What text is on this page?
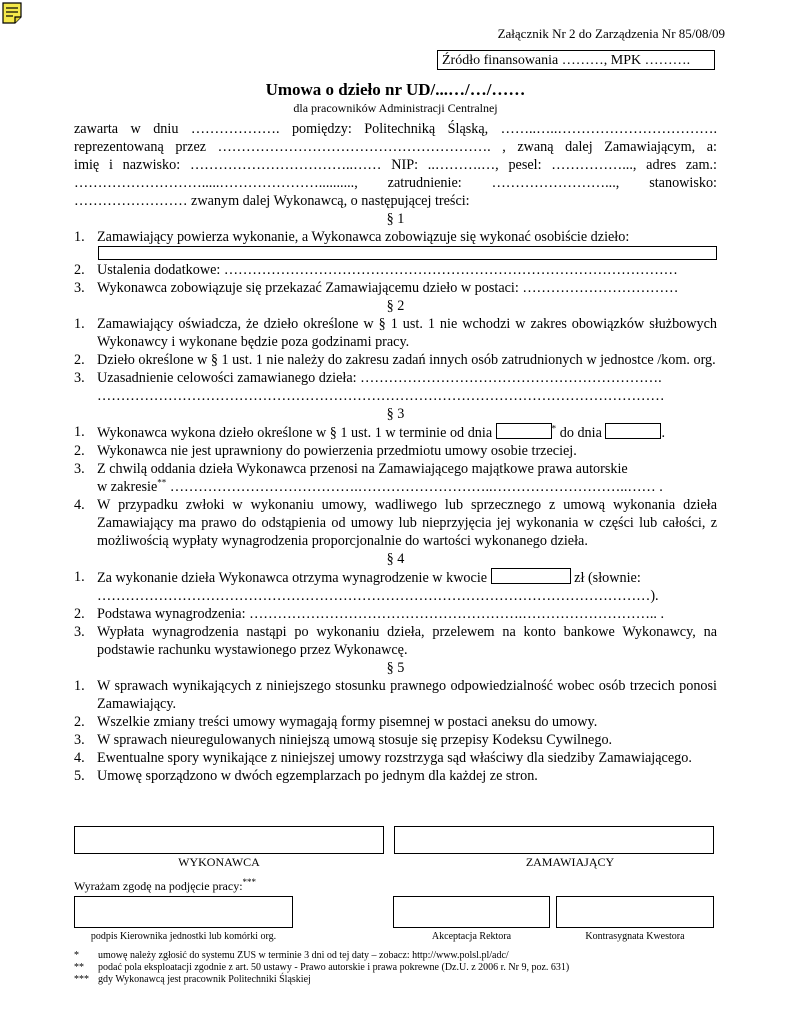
Załącznik Nr 2 do Zarządzenia Nr 85/08/09
Źródło finansowania ………, MPK ……….
Umowa o dzieło nr UD/...…/…/……
dla pracowników Administracji Centralnej

zawarta w dniu ………………. pomiędzy: Politechniką Śląską, ……..…..…………………………….

reprezentowaną przez …………………………………………………. , zwaną dalej Zamawiającym, a:

imię i nazwisko: ……………………………..…… NIP: ..……….…, pesel: ……………..., adres zam.:

……………………….....………………….........., zatrudnienie: ……………………..., stanowisko:

…………………… zwanym dalej Wykonawcą, o następującej treści:

§ 1

1. Zamawiający powierza wykonanie, a Wykonawca zobowiązuje się wykonać osobiście dzieło:
2. Ustalenia dodatkowe: ……………………………………………………………………………………
3. Wykonawca zobowiązuje się przekazać Zamawiającemu dzieło w postaci: ……………………………

§ 2

1. Zamawiający oświadcza, że dzieło określone w § 1 ust. 1 nie wchodzi w zakres obowiązków służbowych Wykonawcy i wykonane będzie poza godzinami pracy.
2. Dzieło określone w § 1 ust. 1 nie należy do zakresu zadań innych osób zatrudnionych w jednostce /kom. org.
3. Uzasadnienie celowości zamawianego dzieła: ……………………………………………………….
…………………………………………………………………………………………………………

§ 3

1. Wykonawca wykona dzieło określone w § 1 ust. 1 w terminie od dnia	* do dnia	.
2. Wykonawca nie jest uprawniony do powierzenia przedmiotu umowy osobie trzeciej.
3. Z chwilą oddania dzieła Wykonawca przenosi na Zamawiającego majątkowe prawa autorskie
w zakresie** ………………………………….………………………..………………………..…… .
4. W przypadku zwłoki w wykonaniu umowy, wadliwego lub sprzecznego z umową wykonania dzieła Zamawiający ma prawo do odstąpienia od umowy lub nieprzyjęcia jej wykonania w części lub całości, z możliwością wypłaty wynagrodzenia proporcjonalnie do wartości wykonanego dzieła.

§ 4

1. Za wykonanie dzieła Wykonawca otrzyma wynagrodzenie w kwocie	zł (słownie:
………………………………………………………………………………………………………).
2. Podstawa wynagrodzenia: ………………………………………………….……………………….. .
3. Wypłata wynagrodzenia nastąpi po wykonaniu dzieła, przelewem na konto bankowe Wykonawcy, na podstawie rachunku wystawionego przez Wykonawcę.

§ 5

1. W sprawach wynikających z niniejszego stosunku prawnego odpowiedzialność wobec osób trzecich ponosi Zamawiający.
2. Wszelkie zmiany treści umowy wymagają formy pisemnej w postaci aneksu do umowy.
3. W sprawach nieuregulowanych niniejszą umową stosuje się przepisy Kodeksu Cywilnego.
4. Ewentualne spory wynikające z niniejszej umowy rozstrzyga sąd właściwy dla siedziby Zamawiającego.
5. Umowę sporządzono w dwóch egzemplarzach po jednym dla każdej ze stron.
WYKONAWCA	ZAMAWIAJĄCY
Wyrażam zgodę na podjęcie pracy:***
podpis Kierownika jednostki lub komórki org.	Akceptacja Rektora	Kontrasygnata Kwestora
* umowę należy zgłosić do systemu ZUS w terminie 3 dni od tej daty – zobacz: http://www.polsl.pl/adc/
** podać pola eksploatacji zgodnie z art. 50 ustawy - Prawo autorskie i prawa pokrewne (Dz.U. z 2006 r. Nr 9, poz. 631)
*** gdy Wykonawcą jest pracownik Politechniki Śląskiej
